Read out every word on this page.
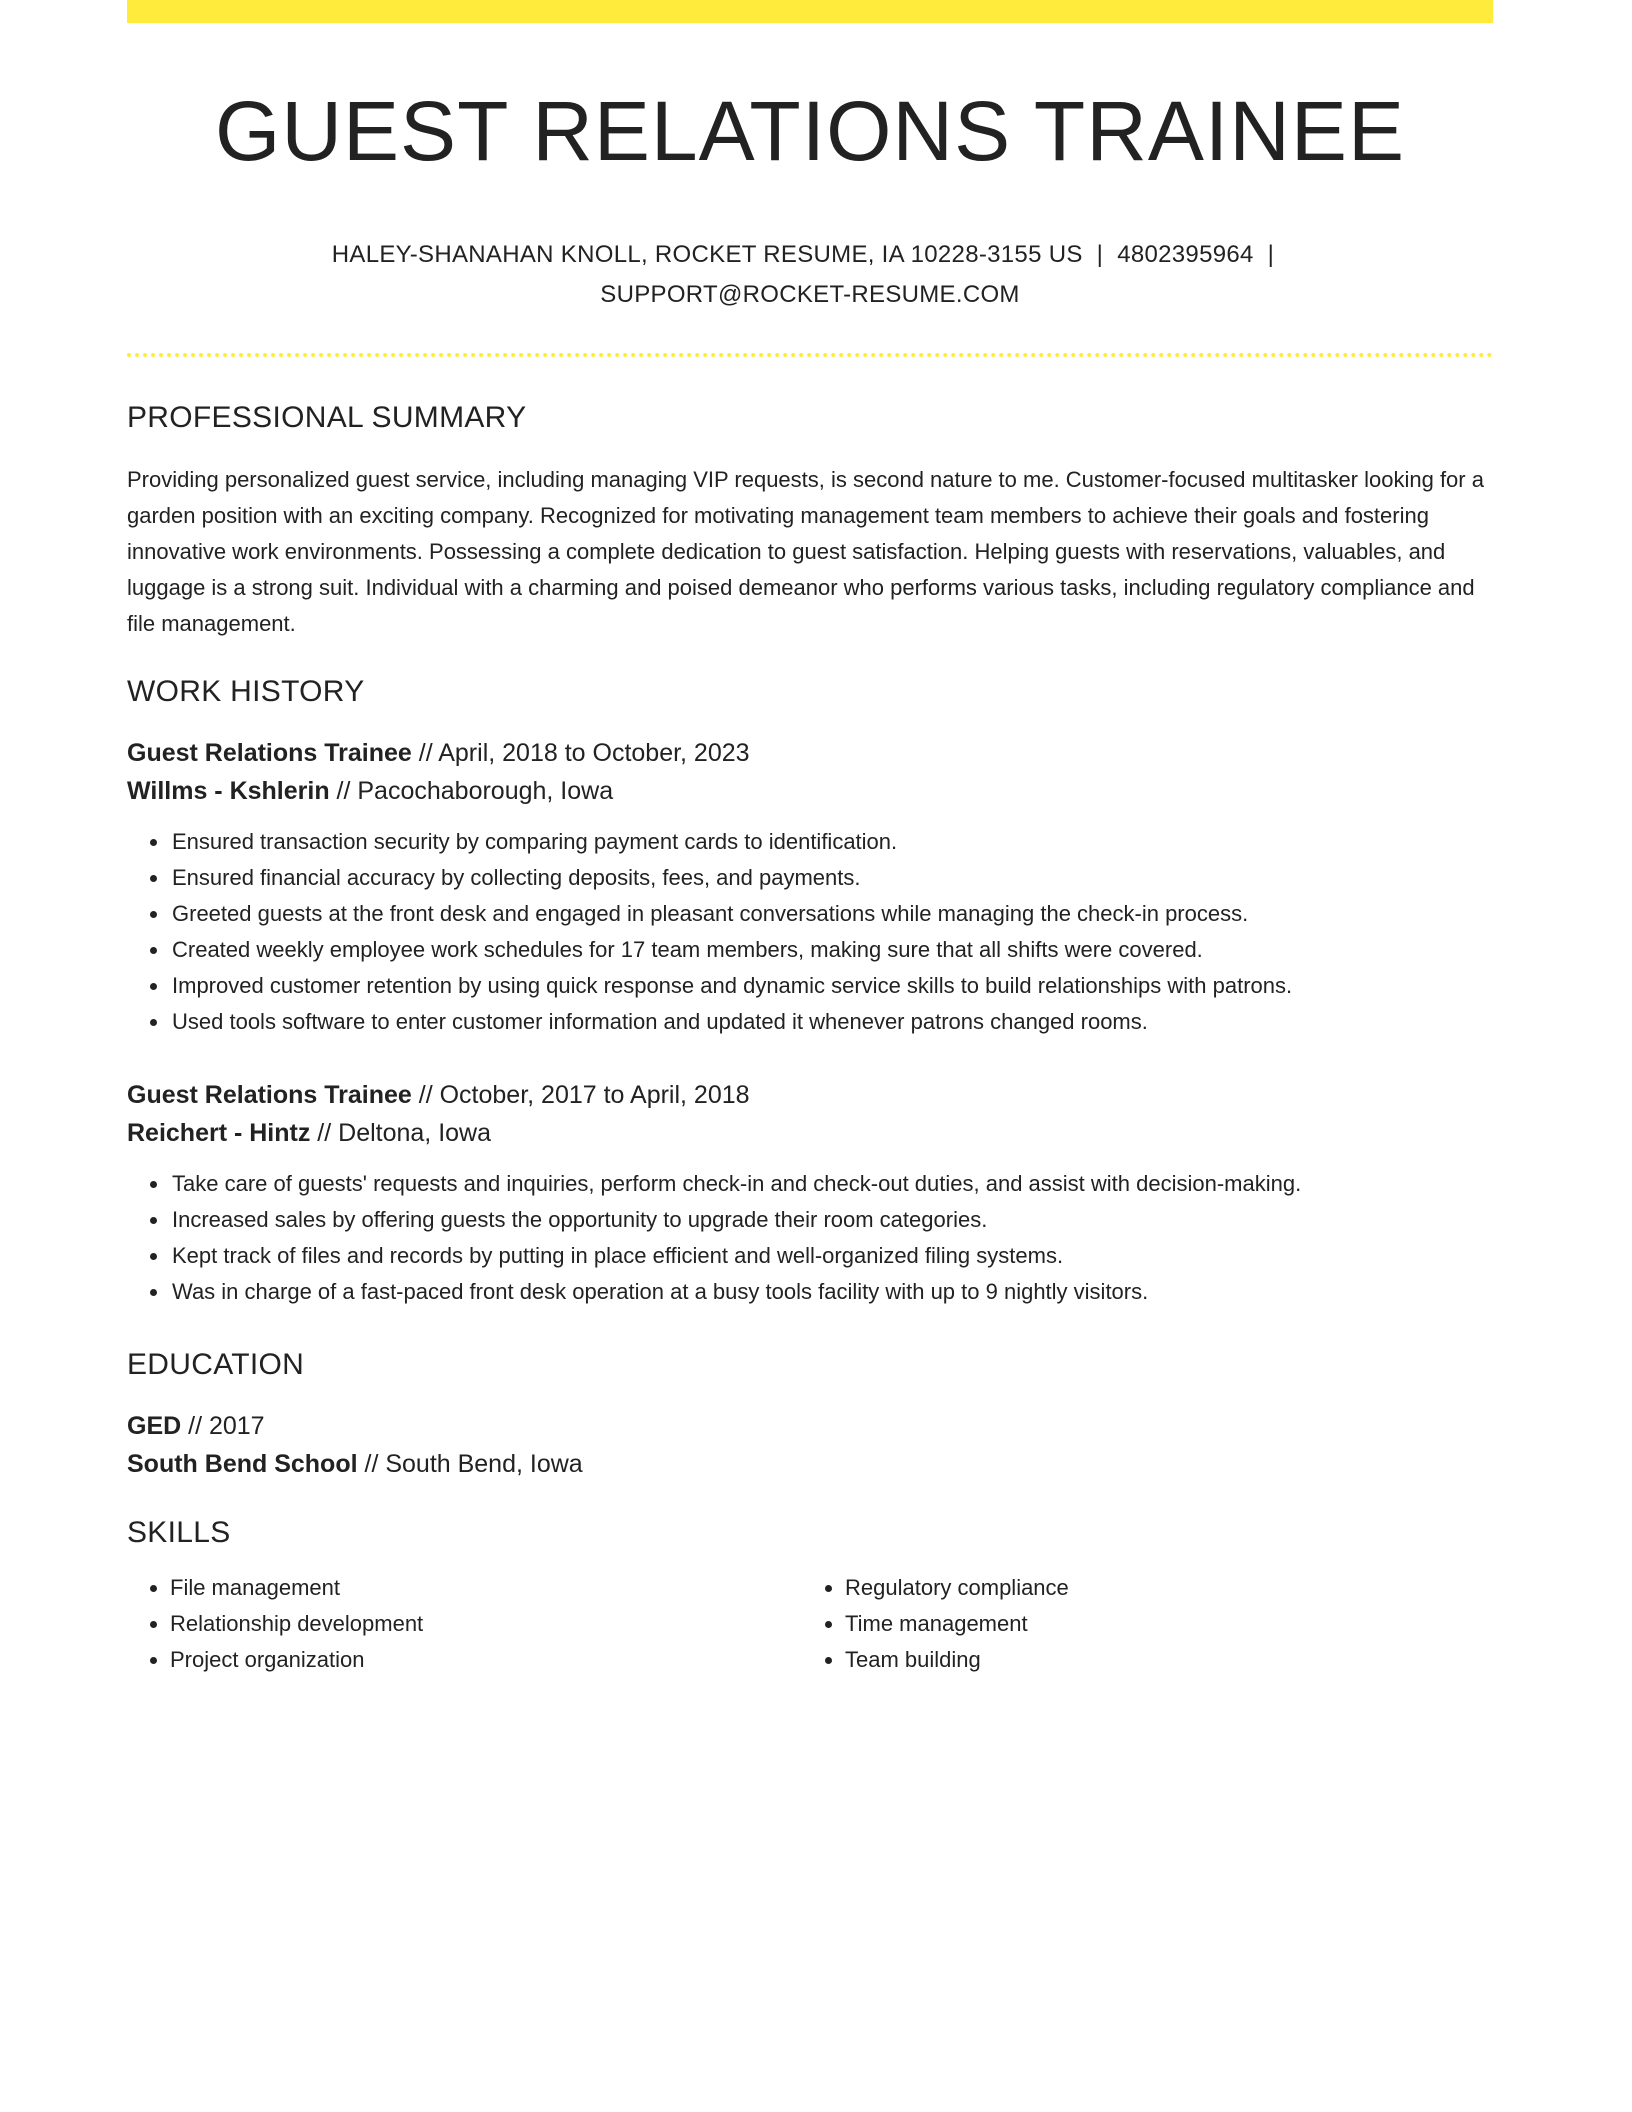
GUEST RELATIONS TRAINEE
HALEY-SHANAHAN KNOLL, ROCKET RESUME, IA 10228-3155 US | 4802395964 |
SUPPORT@ROCKET-RESUME.COM
PROFESSIONAL SUMMARY
Providing personalized guest service, including managing VIP requests, is second nature to me. Customer-focused multitasker looking for a garden position with an exciting company. Recognized for motivating management team members to achieve their goals and fostering innovative work environments. Possessing a complete dedication to guest satisfaction. Helping guests with reservations, valuables, and luggage is a strong suit. Individual with a charming and poised demeanor who performs various tasks, including regulatory compliance and file management.
WORK HISTORY
Guest Relations Trainee // April, 2018 to October, 2023
Willms - Kshlerin // Pacochaborough, Iowa
• Ensured transaction security by comparing payment cards to identification.
• Ensured financial accuracy by collecting deposits, fees, and payments.
• Greeted guests at the front desk and engaged in pleasant conversations while managing the check-in process.
• Created weekly employee work schedules for 17 team members, making sure that all shifts were covered.
• Improved customer retention by using quick response and dynamic service skills to build relationships with patrons.
• Used tools software to enter customer information and updated it whenever patrons changed rooms.
Guest Relations Trainee // October, 2017 to April, 2018
Reichert - Hintz // Deltona, Iowa
• Take care of guests' requests and inquiries, perform check-in and check-out duties, and assist with decision-making.
• Increased sales by offering guests the opportunity to upgrade their room categories.
• Kept track of files and records by putting in place efficient and well-organized filing systems.
• Was in charge of a fast-paced front desk operation at a busy tools facility with up to 9 nightly visitors.
EDUCATION
GED // 2017
South Bend School // South Bend, Iowa
SKILLS
• File management
• Relationship development
• Project organization
• Regulatory compliance
• Time management
• Team building
